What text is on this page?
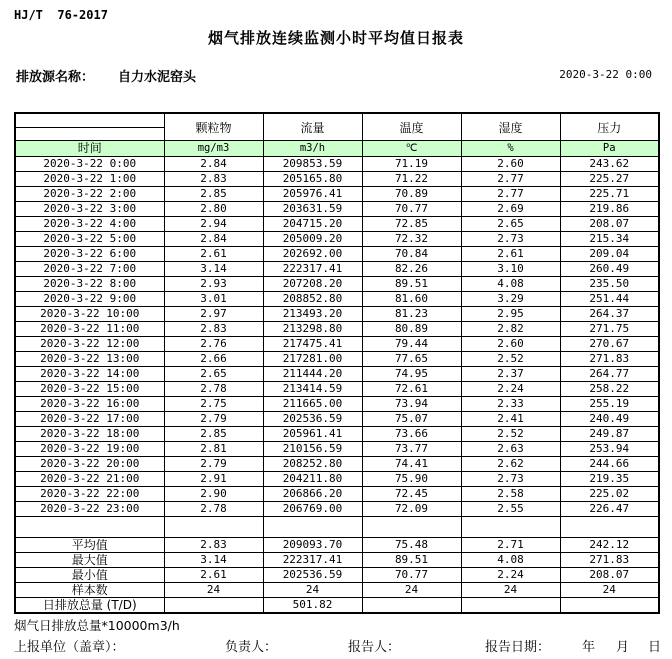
HJ/T  76-2017
烟气排放连续监测小时平均值日报表
排放源名称： 自力水泥窑头	2020-3-22 0:00
	颗粒物	流量	温度	湿度	压力
时间	mg/m3	m3/h	℃	%	Pa
2020-3-22 0:00	2.84	209853.59	71.19	2.60	243.62
2020-3-22 1:00	2.83	205165.80	71.22	2.77	225.27
2020-3-22 2:00	2.85	205976.41	70.89	2.77	225.71
2020-3-22 3:00	2.80	203631.59	70.77	2.69	219.86
2020-3-22 4:00	2.94	204715.20	72.85	2.65	208.07
2020-3-22 5:00	2.84	205009.20	72.32	2.73	215.34
2020-3-22 6:00	2.61	202692.00	70.84	2.61	209.04
2020-3-22 7:00	3.14	222317.41	82.26	3.10	260.49
2020-3-22 8:00	2.93	207208.20	89.51	4.08	235.50
2020-3-22 9:00	3.01	208852.80	81.60	3.29	251.44
2020-3-22 10:00	2.97	213493.20	81.23	2.95	264.37
2020-3-22 11:00	2.83	213298.80	80.89	2.82	271.75
2020-3-22 12:00	2.76	217475.41	79.44	2.60	270.67
2020-3-22 13:00	2.66	217281.00	77.65	2.52	271.83
2020-3-22 14:00	2.65	211444.20	74.95	2.37	264.77
2020-3-22 15:00	2.78	213414.59	72.61	2.24	258.22
2020-3-22 16:00	2.75	211665.00	73.94	2.33	255.19
2020-3-22 17:00	2.79	202536.59	75.07	2.41	240.49
2020-3-22 18:00	2.85	205961.41	73.66	2.52	249.87
2020-3-22 19:00	2.81	210156.59	73.77	2.63	253.94
2020-3-22 20:00	2.79	208252.80	74.41	2.62	244.66
2020-3-22 21:00	2.91	204211.80	75.90	2.73	219.35
2020-3-22 22:00	2.90	206866.20	72.45	2.58	225.02
2020-3-22 23:00	2.78	206769.00	72.09	2.55	226.47

平均值	2.83	209093.70	75.48	2.71	242.12
最大值	3.14	222317.41	89.51	4.08	271.83
最小值	2.61	202536.59	70.77	2.24	208.07
样本数	24	24	24	24	24
日排放总量 (T/D)		501.82			
烟气日排放总量*10000m3/h
上报单位（盖章）：	负责人：	报告人：	报告日期： 年 月 日
